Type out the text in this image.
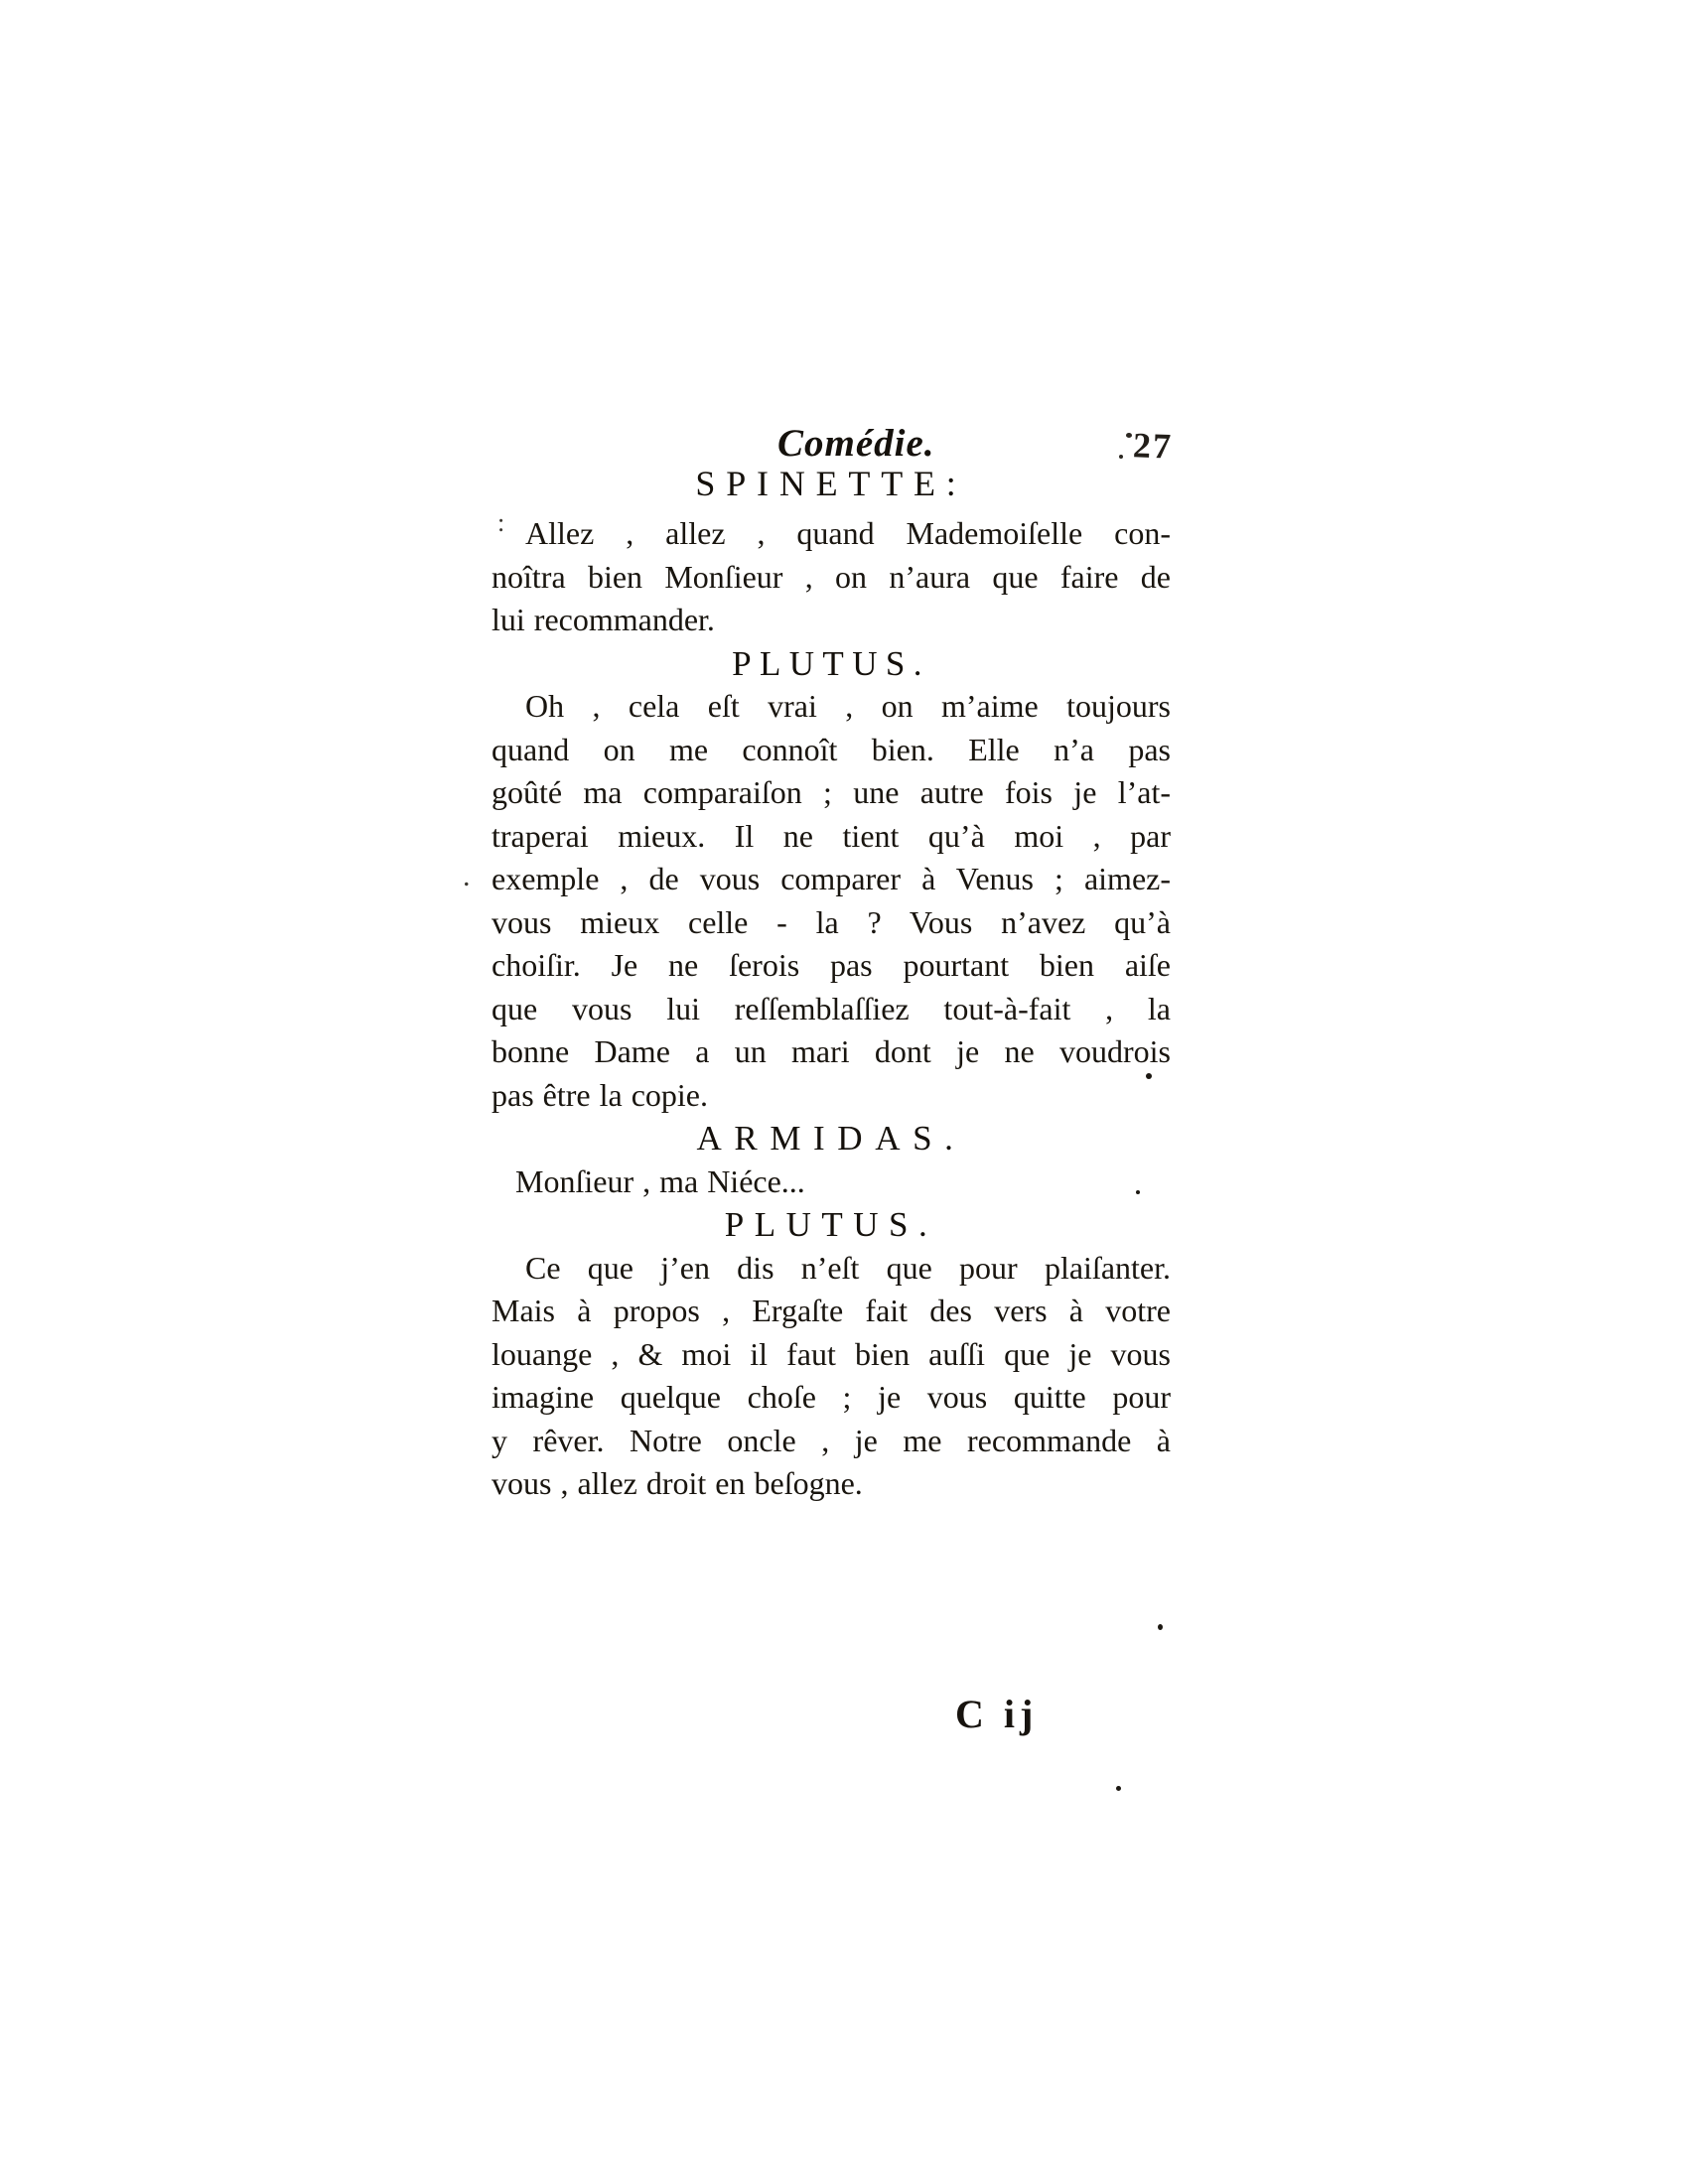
Comédie.	27
:
.
SPINETTE:
Allez , allez , quand Mademoiſelle con-
noîtra bien Monſieur , on n’aura que faire de
lui recommander.
PLUTUS.
Oh , cela eſt vrai , on m’aime toujours
quand on me connoît bien. Elle n’a pas
goûté ma comparaiſon ; une autre fois je l’at-
traperai mieux. Il ne tient qu’à moi , par
exemple , de vous comparer à Venus ; aimez-
vous mieux celle - la ? Vous n’avez qu’à
choiſir. Je ne ſerois pas pourtant bien aiſe
que vous lui reſſemblaſſiez tout-à-fait , la
bonne Dame a un mari dont je ne voudrois
pas être la copie.
ARMIDAS.
Monſieur , ma Niéce...
PLUTUS.
Ce que j’en dis n’eſt que pour plaiſanter.
Mais à propos , Ergaſte fait des vers à votre
louange , & moi il faut bien auſſi que je vous
imagine quelque choſe ; je vous quitte pour
y rêver. Notre oncle , je me recommande à
vous , allez droit en beſogne.
C ij
